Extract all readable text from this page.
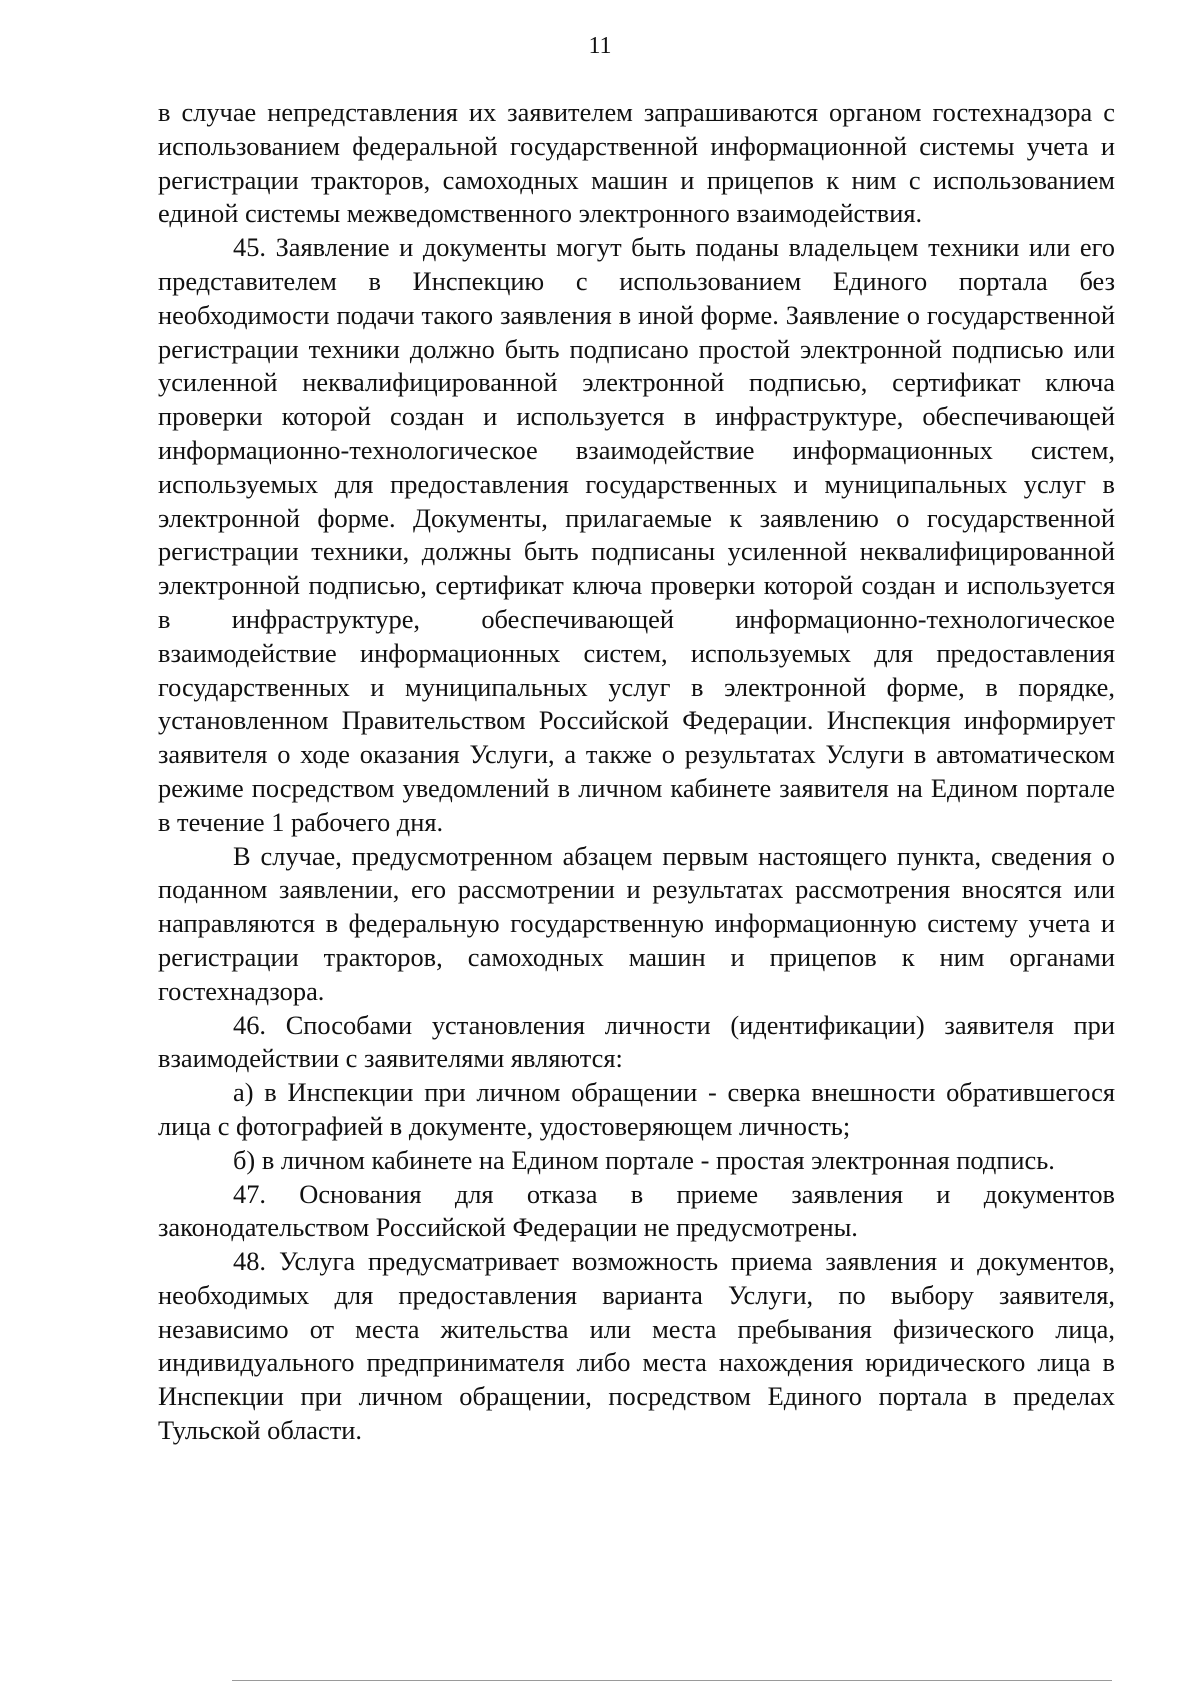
11

в случае непредставления их заявителем запрашиваются органом гостехнадзора с использованием федеральной государственной информационной системы учета и регистрации тракторов, самоходных машин и прицепов к ним с использованием единой системы межведомственного электронного взаимодействия.

45. Заявление и документы могут быть поданы владельцем техники или его представителем в Инспекцию с использованием Единого портала без необходимости подачи такого заявления в иной форме. Заявление о государственной регистрации техники должно быть подписано простой электронной подписью или усиленной неквалифицированной электронной подписью, сертификат ключа проверки которой создан и используется в инфраструктуре, обеспечивающей информационно-технологическое взаимодействие информационных систем, используемых для предоставления государственных и муниципальных услуг в электронной форме. Документы, прилагаемые к заявлению о государственной регистрации техники, должны быть подписаны усиленной неквалифицированной электронной подписью, сертификат ключа проверки которой создан и используется в инфраструктуре, обеспечивающей информационно-технологическое взаимодействие информационных систем, используемых для предоставления государственных и муниципальных услуг в электронной форме, в порядке, установленном Правительством Российской Федерации. Инспекция информирует заявителя о ходе оказания Услуги, а также о результатах Услуги в автоматическом режиме посредством уведомлений в личном кабинете заявителя на Едином портале в течение 1 рабочего дня.

В случае, предусмотренном абзацем первым настоящего пункта, сведения о поданном заявлении, его рассмотрении и результатах рассмотрения вносятся или направляются в федеральную государственную информационную систему учета и регистрации тракторов, самоходных машин и прицепов к ним органами гостехнадзора.

46. Способами установления личности (идентификации) заявителя при взаимодействии с заявителями являются:

а) в Инспекции при личном обращении - сверка внешности обратившегося лица с фотографией в документе, удостоверяющем личность;

б) в личном кабинете на Едином портале - простая электронная подпись.

47. Основания для отказа в приеме заявления и документов законодательством Российской Федерации не предусмотрены.

48. Услуга предусматривает возможность приема заявления и документов, необходимых для предоставления варианта Услуги, по выбору заявителя, независимо от места жительства или места пребывания физического лица, индивидуального предпринимателя либо места нахождения юридического лица в Инспекции при личном обращении, посредством Единого портала в пределах Тульской области.
